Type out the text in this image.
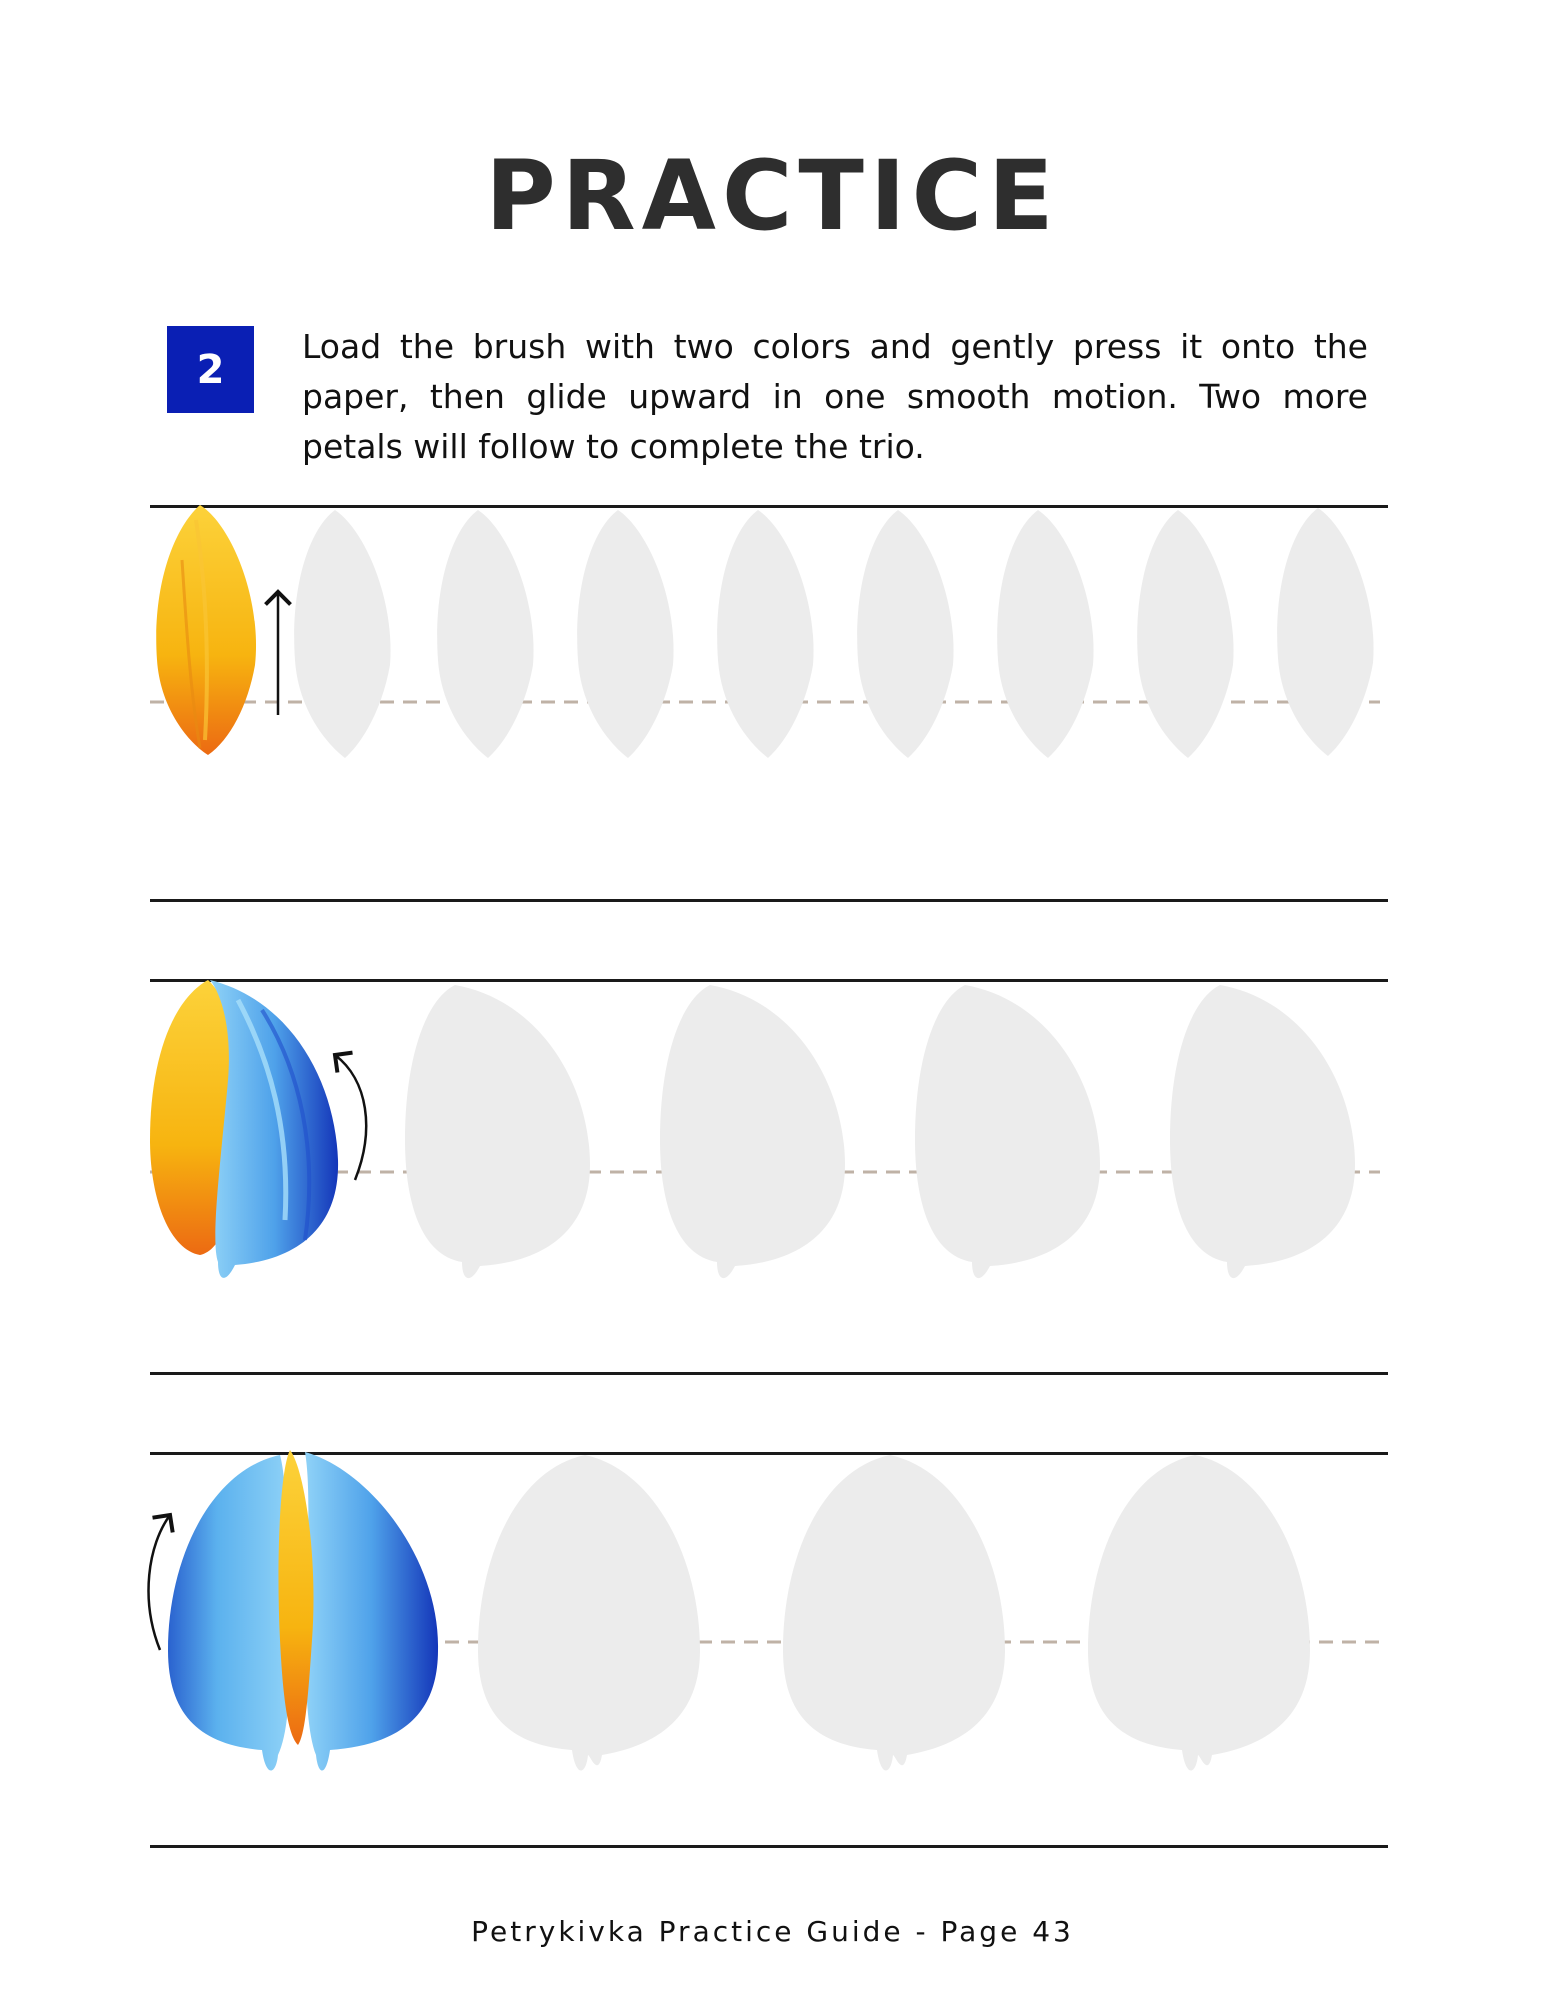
PRACTICE
2	Load the brush with two colors and gently press it onto the paper, then glide upward in one smooth motion. Two more petals will follow to complete the trio.
Petrykivka Practice Guide - Page 43
